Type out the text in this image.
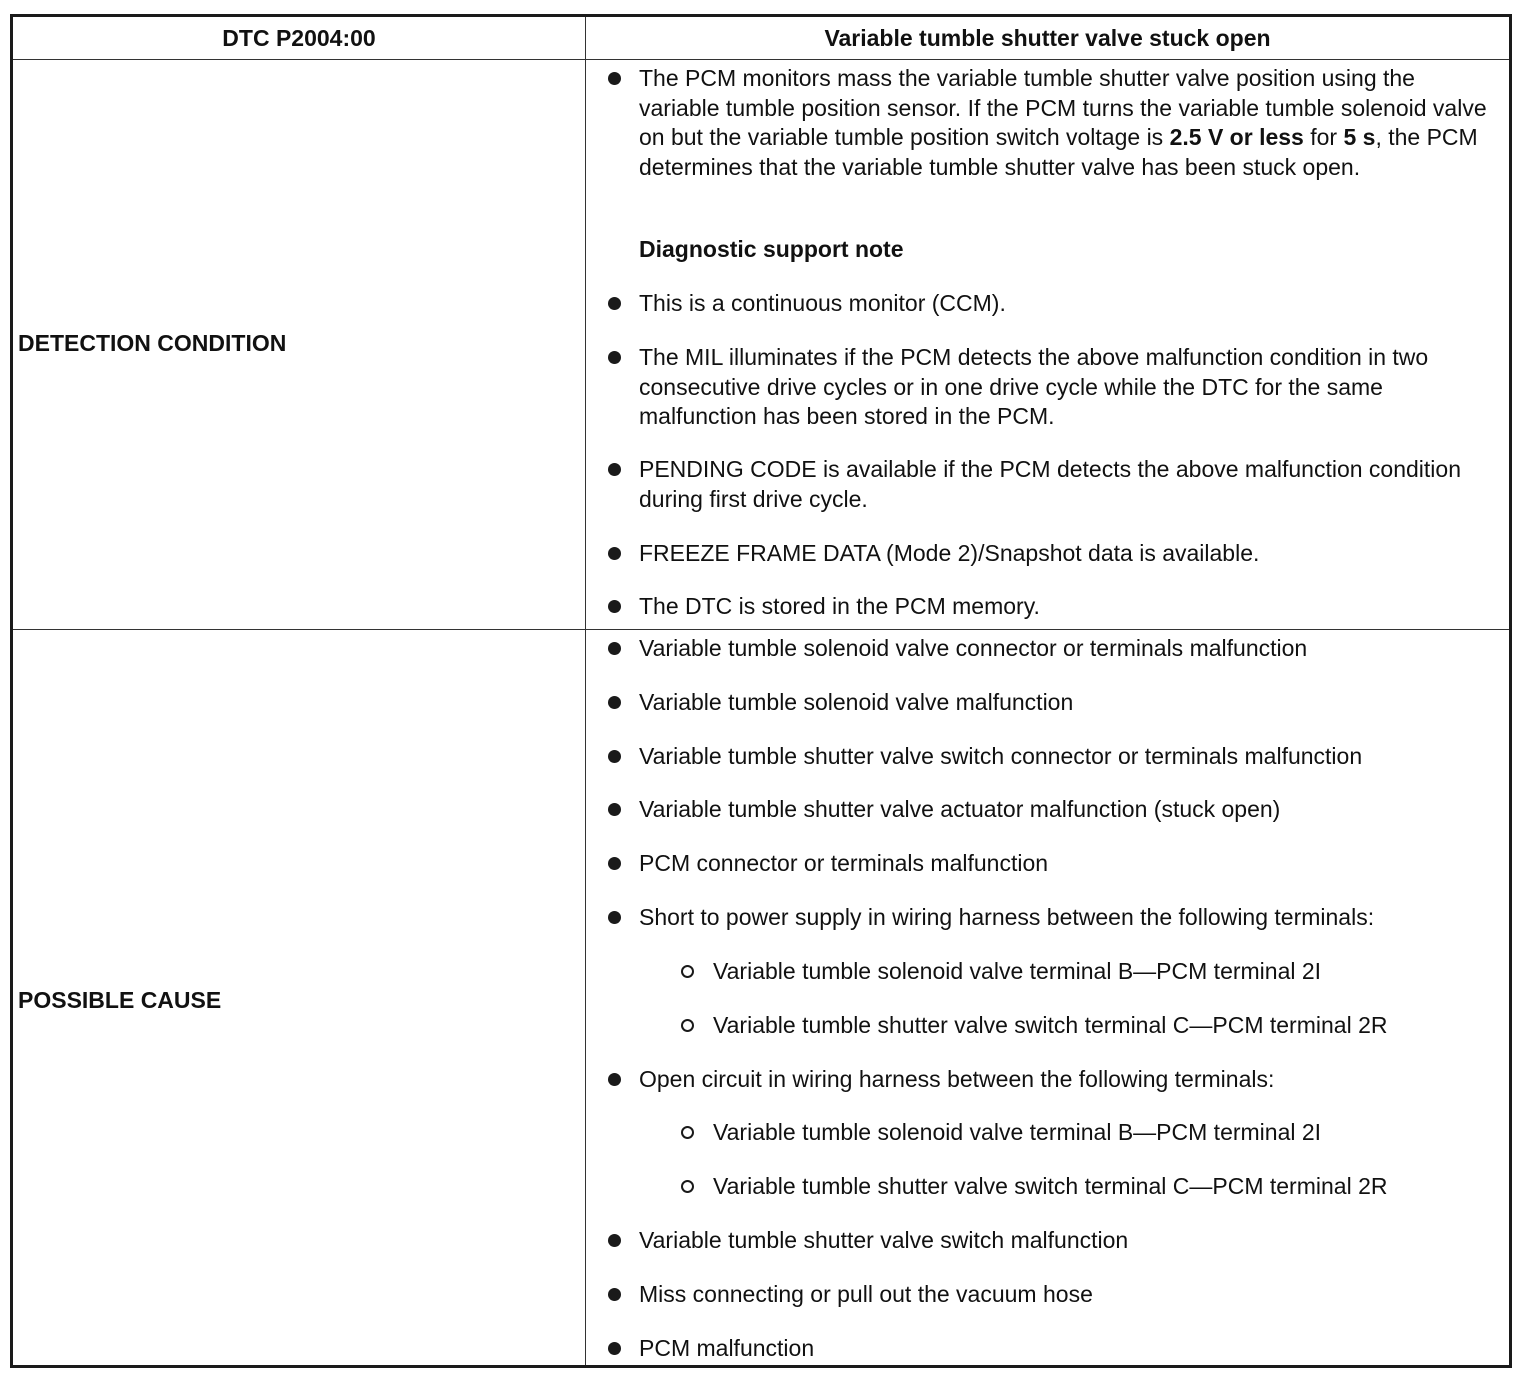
DTC P2004:00	Variable tumble shutter valve stuck open
DETECTION CONDITION
POSSIBLE CAUSE
The PCM monitors mass the variable tumble shutter valve position using the variable tumble position sensor. If the PCM turns the variable tumble solenoid valve on but the variable tumble position switch voltage is 2.5 V or less for 5 s, the PCM determines that the variable tumble shutter valve has been stuck open.
Diagnostic support note
This is a continuous monitor (CCM).
The MIL illuminates if the PCM detects the above malfunction condition in two consecutive drive cycles or in one drive cycle while the DTC for the same malfunction has been stored in the PCM.
PENDING CODE is available if the PCM detects the above malfunction condition during first drive cycle.
FREEZE FRAME DATA (Mode 2)/Snapshot data is available.
The DTC is stored in the PCM memory.
Variable tumble solenoid valve connector or terminals malfunction
Variable tumble solenoid valve malfunction
Variable tumble shutter valve switch connector or terminals malfunction
Variable tumble shutter valve actuator malfunction (stuck open)
PCM connector or terminals malfunction
Short to power supply in wiring harness between the following terminals:
Variable tumble solenoid valve terminal B—PCM terminal 2I
Variable tumble shutter valve switch terminal C—PCM terminal 2R
Open circuit in wiring harness between the following terminals:
Variable tumble solenoid valve terminal B—PCM terminal 2I
Variable tumble shutter valve switch terminal C—PCM terminal 2R
Variable tumble shutter valve switch malfunction
Miss connecting or pull out the vacuum hose
PCM malfunction
